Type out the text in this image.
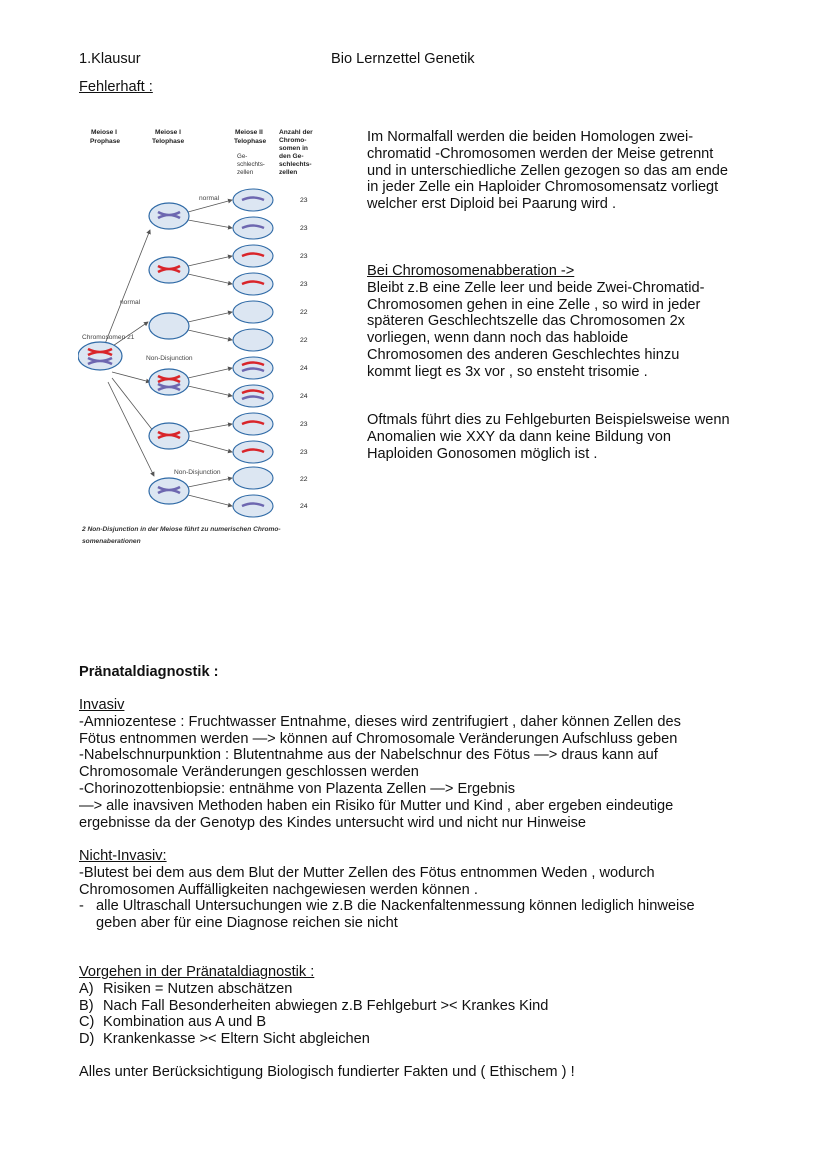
1.Klausur	Bio Lernzettel Genetik
Fehlerhaft :
Meiose I
Prophase
Meiose I
Telophase
Meiose II
Telophase
Anzahl der
Chromo-
somen in
den Ge-
schlechts-
zellen
Ge-
schlechts-
zellen
normal
normal
Chromosomen 21
Non-Disjunction
Non-Disjunction
23
23
23
23
22
22
24
24
23
23
22
24
2 Non-Disjunction in der Meiose führt zu numerischen Chromo-
somenaberationen
Im Normalfall werden die beiden Homologen zwei-
chromatid -Chromosomen werden der Meise getrennt
und in unterschiedliche Zellen gezogen so das am ende
in jeder Zelle ein Haploider Chromosomensatz vorliegt
welcher erst Diploid bei Paarung wird .
Bei Chromosomenabberation ->
Bleibt z.B eine Zelle leer und beide Zwei-Chromatid-
Chromosomen gehen in eine Zelle , so wird in jeder
späteren Geschlechtszelle das Chromosomen 2x
vorliegen, wenn dann noch das habloide
Chromosomen des anderen Geschlechtes hinzu
kommt liegt es 3x vor , so ensteht trisomie .
Oftmals führt dies zu Fehlgeburten Beispielsweise wenn
Anomalien wie XXY da dann keine Bildung von
Haploiden Gonosomen möglich ist .
Pränataldiagnostik :
Invasiv
-Amniozentese : Fruchtwasser Entnahme, dieses wird zentrifugiert , daher können Zellen des
Fötus entnommen werden —> können auf Chromosomale Veränderungen Aufschluss geben
-Nabelschnurpunktion : Blutentnahme aus der Nabelschnur des Fötus —> draus kann auf
Chromosomale Veränderungen geschlossen werden
-Chorinozottenbiopsie: entnähme von Plazenta Zellen —> Ergebnis
—> alle inavsiven Methoden haben ein Risiko für Mutter und Kind , aber ergeben eindeutige
ergebnisse da der Genotyp des Kindes untersucht wird und nicht nur Hinweise
Nicht-Invasiv:
-Blutest bei dem aus dem Blut der Mutter Zellen des Fötus entnommen Weden , wodurch
Chromosomen Auffälligkeiten nachgewiesen werden können .
- alle Ultraschall Untersuchungen wie z.B die Nackenfaltenmessung können lediglich hinweise
geben aber für eine Diagnose reichen sie nicht
Vorgehen in der Pränataldiagnostik :
A) Risiken = Nutzen abschätzen
B) Nach Fall Besonderheiten abwiegen z.B Fehlgeburt >< Krankes Kind
C) Kombination aus A und B
D) Krankenkasse >< Eltern Sicht abgleichen
Alles unter Berücksichtigung Biologisch fundierter Fakten und ( Ethischem ) !
